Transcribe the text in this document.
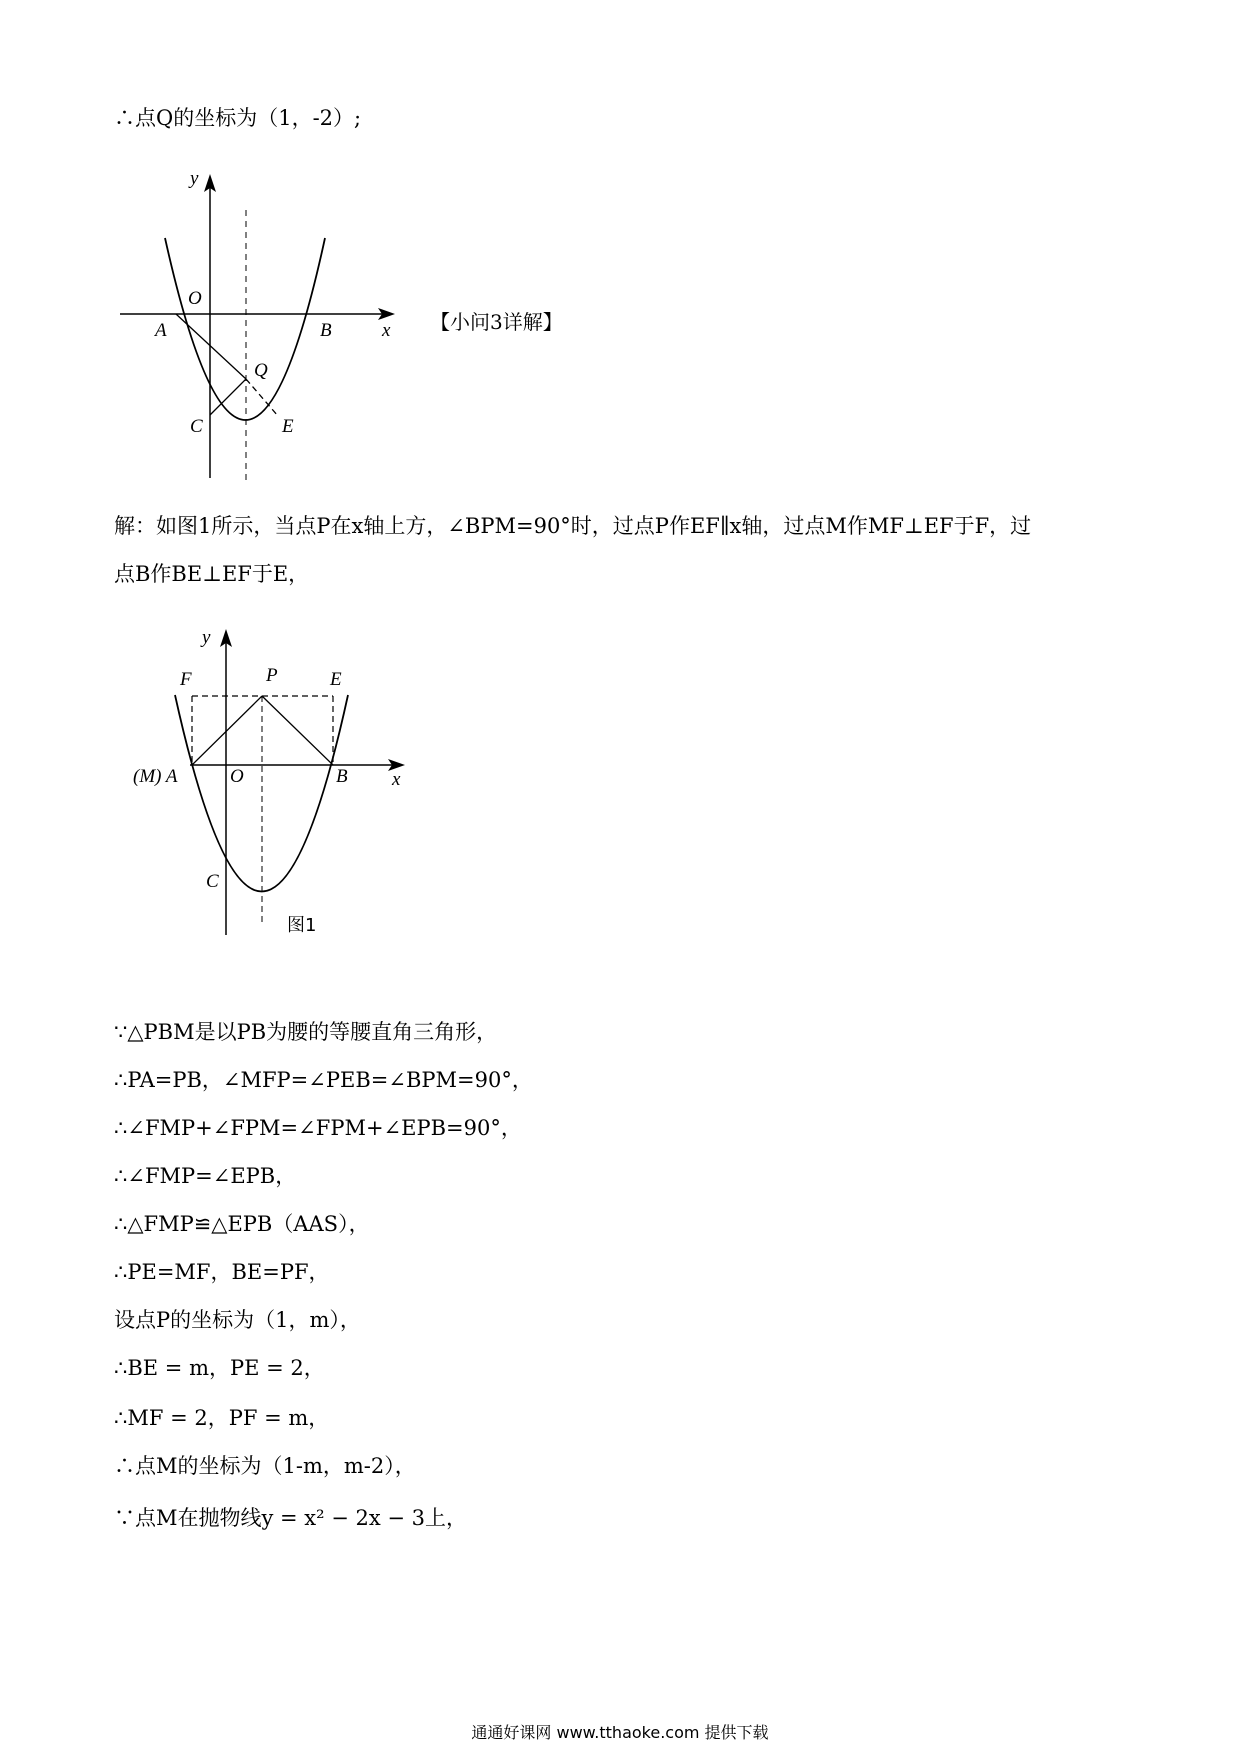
∴点Q的坐标为（1，-2）;
y
x
O
A	B
Q
C	E
【小问3详解】
解：如图1所示，当点P在x轴上方，∠BPM=90°时，过点P作EF∥x轴，过点M作MF⊥EF于F，过
点B作BE⊥EF于E，
y
x
F	P	E
(M) A	O	B
C
图1
∵△PBM是以PB为腰的等腰直角三角形，
∴PA=PB，∠MFP=∠PEB=∠BPM=90°，
∴∠FMP+∠FPM=∠FPM+∠EPB=90°，
∴∠FMP=∠EPB，
∴△FMP≌△EPB（AAS），
∴PE=MF，BE=PF，
设点P的坐标为（1，m），
∴BE = m，PE = 2，
∴MF = 2，PF = m，
∴点M的坐标为（1-m，m-2），
∵点M在抛物线y = x² − 2x − 3上，
通通好课网 www.tthaoke.com 提供下载
